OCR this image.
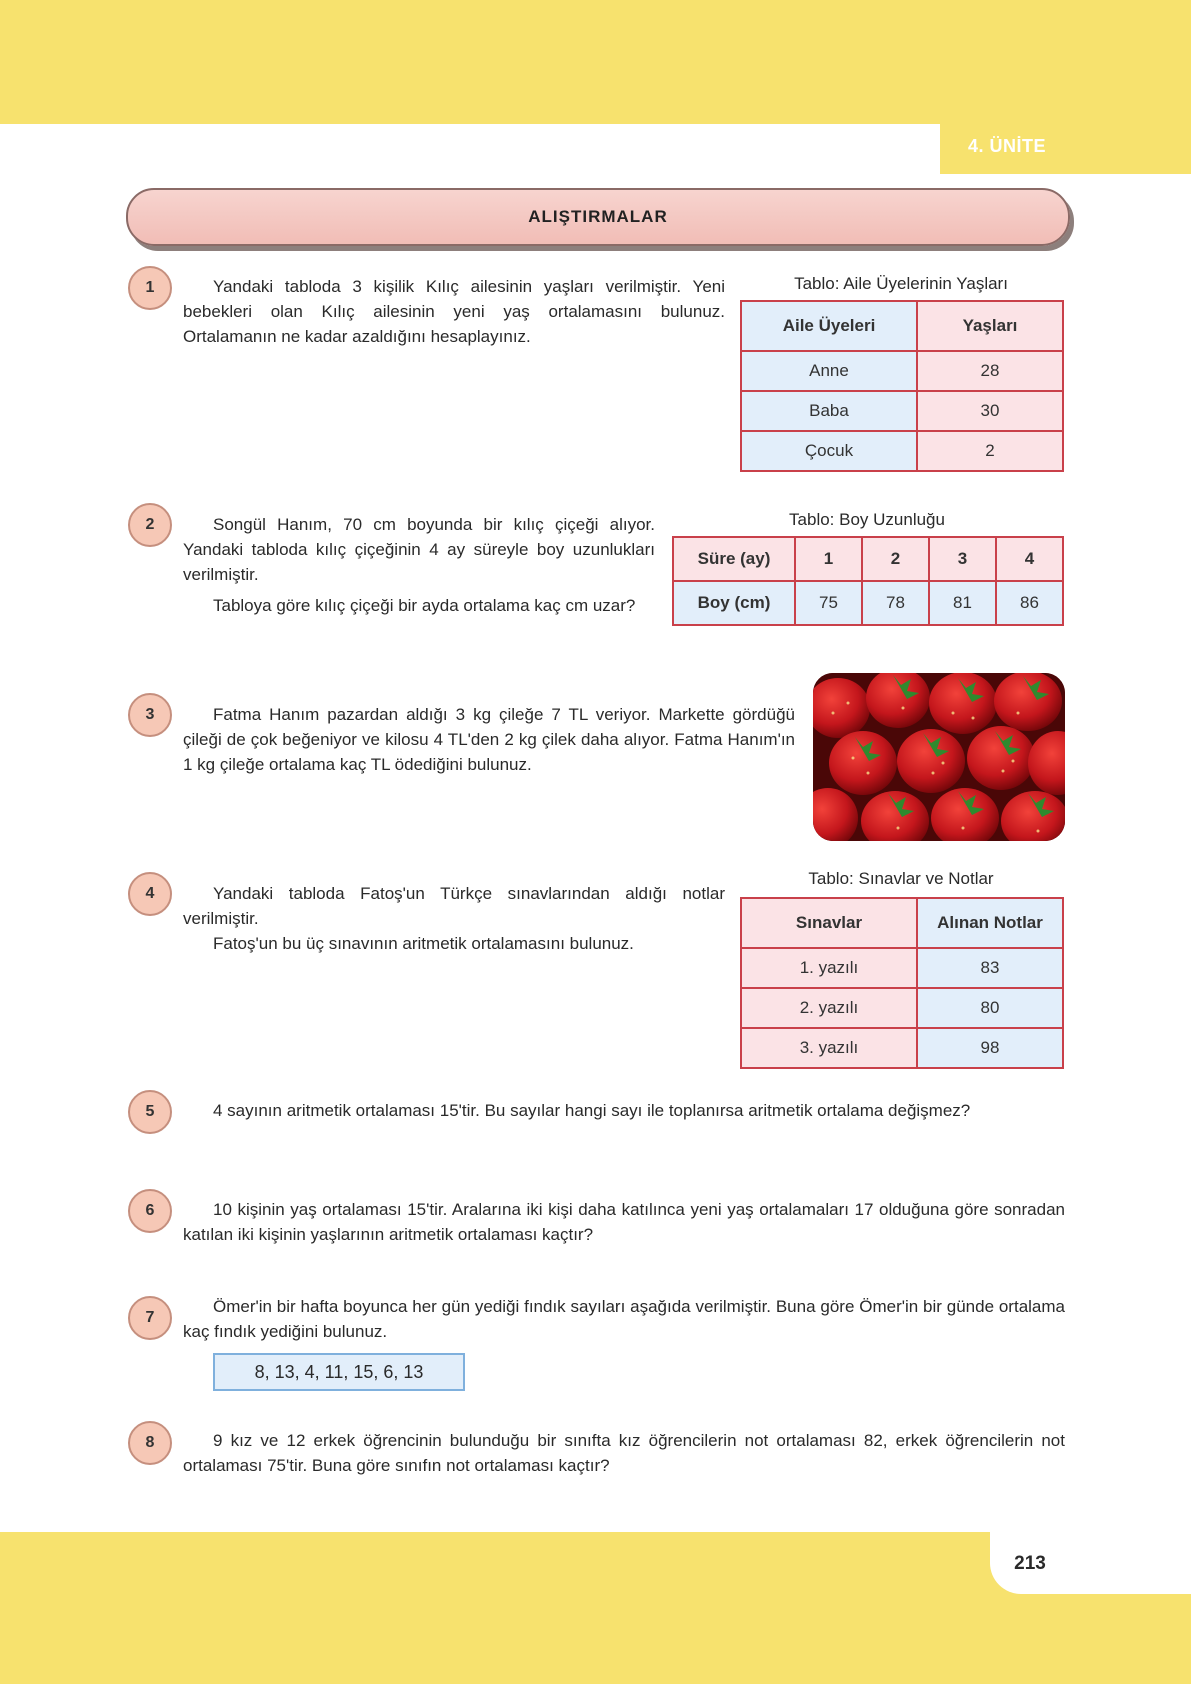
4. ÜNİTE
ALIŞTIRMALAR
1	Yandaki tabloda 3 kişilik Kılıç ailesinin yaşları verilmiştir. Yeni bebekleri olan Kılıç ailesinin yeni yaş ortalamasını bulunuz. Ortalamanın ne kadar azaldığını hesaplayınız.

Tablo: Aile Üyelerinin Yaşları
Aile Üyeleri	Yaşları
Anne	28
Baba	30
Çocuk	2
2	Songül Hanım, 70 cm boyunda bir kılıç çiçeği alıyor. Yandaki tabloda kılıç çiçeğinin 4 ay süreyle boy uzunlukları verilmiştir.

Tabloya göre kılıç çiçeği bir ayda ortalama kaç cm uzar?

Tablo: Boy Uzunluğu
Süre (ay)	1	2	3	4
Boy (cm)	75	78	81	86
3	Fatma Hanım pazardan aldığı 3 kg çileğe 7 TL veriyor. Markette gördüğü çileği de çok beğeniyor ve kilosu 4 TL'den 2 kg çilek daha alıyor. Fatma Hanım'ın 1 kg çileğe ortalama kaç TL ödediğini bulunuz.

4	Yandaki tabloda Fatoş'un Türkçe sınavlarından aldığı notlar verilmiştir.

Fatoş'un bu üç sınavının aritmetik ortalamasını bulunuz.

Tablo: Sınavlar ve Notlar
Sınavlar	Alınan Notlar
1. yazılı	83
2. yazılı	80
3. yazılı	98
5	4 sayının aritmetik ortalaması 15'tir. Bu sayılar hangi sayı ile toplanırsa aritmetik ortalama değişmez?

6	10 kişinin yaş ortalaması 15'tir. Aralarına iki kişi daha katılınca yeni yaş ortalamaları 17 olduğuna göre sonradan katılan iki kişinin yaşlarının aritmetik ortalaması kaçtır?

7

Ömer'in bir hafta boyunca her gün yediği fındık sayıları aşağıda verilmiştir. Buna göre Ömer'in bir günde ortalama kaç fındık yediğini bulunuz.

8, 13, 4, 11, 15, 6, 13
8	9 kız ve 12 erkek öğrencinin bulunduğu bir sınıfta kız öğrencilerin not ortalaması 82, erkek öğrencilerin not ortalaması 75'tir. Buna göre sınıfın not ortalaması kaçtır?

213
